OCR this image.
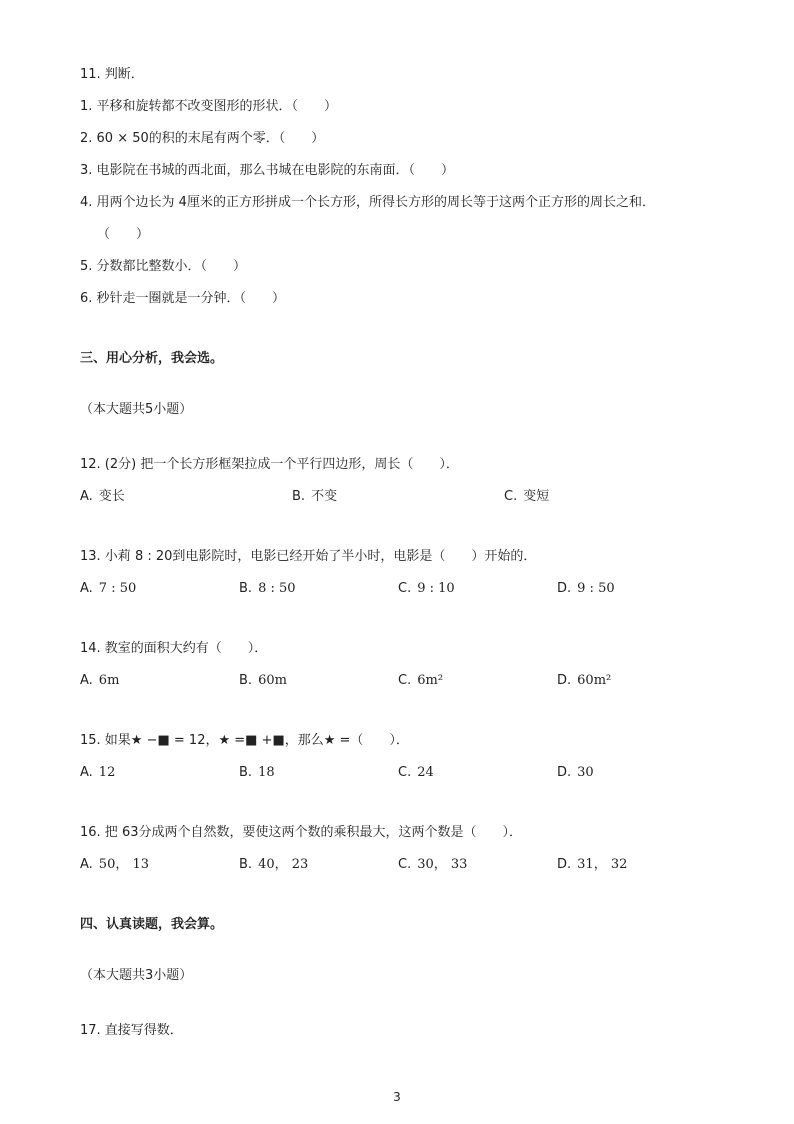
11. 判断．
1. 平移和旋转都不改变图形的形状．（　　）
2. 60 × 50的积的末尾有两个零．（　　）
3. 电影院在书城的西北面，那么书城在电影院的东南面．（　　）
4. 用两个边长为 4厘米的正方形拼成一个长方形，所得长方形的周长等于这两个正方形的周长之和．
（　　）
5. 分数都比整数小．（　　）
6. 秒针走一圈就是一分钟．（　　）
三、用心分析，我会选。
（本大题共5小题）
12. (2分) 把一个长方形框架拉成一个平行四边形，周长（　　）．
A. 变长	B. 不变	C. 变短
13. 小莉 8 : 20到电影院时，电影已经开始了半小时，电影是（　　）开始的．
A. 7 : 50	B. 8 : 50	C. 9 : 10	D. 9 : 50
14. 教室的面积大约有（　　）．
A. 6m	B. 60m	C. 6m²	D. 60m²
15. 如果★ −■ = 12，★ =■ +■，那么★ =（　　）．
A. 12	B. 18	C. 24	D. 30
16. 把 63分成两个自然数，要使这两个数的乘积最大，这两个数是（　　）．
A. 50， 13	B. 40， 23	C. 30， 33	D. 31， 32
四、认真读题，我会算。
（本大题共3小题）
17. 直接写得数．
3
